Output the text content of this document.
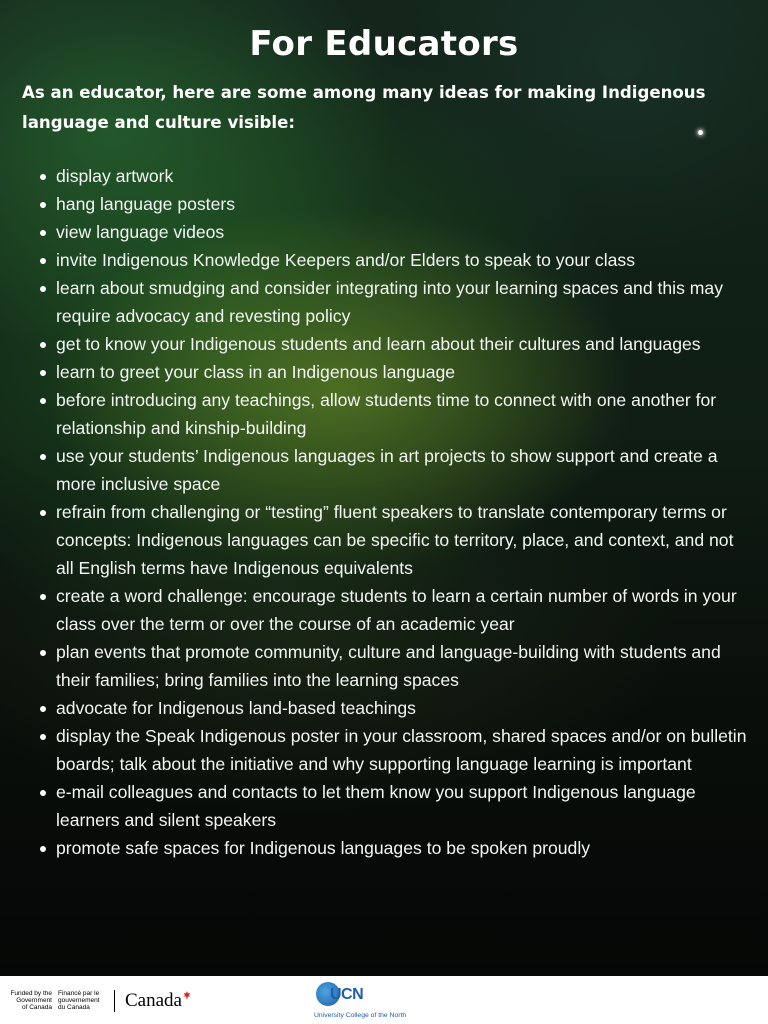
For Educators

As an educator, here are some among many ideas for making Indigenous language and culture visible:

display artwork
hang language posters
view language videos
invite Indigenous Knowledge Keepers and/or Elders to speak to your class
learn about smudging and consider integrating into your learning spaces and this may require advocacy and revesting policy
get to know your Indigenous students and learn about their cultures and languages
learn to greet your class in an Indigenous language
before introducing any teachings, allow students time to connect with one another for relationship and kinship-building
use your students’ Indigenous languages in art projects to show support and create a more inclusive space
refrain from challenging or “testing” fluent speakers to translate contemporary terms or concepts: Indigenous languages can be specific to territory, place, and context, and not all English terms have Indigenous equivalents
create a word challenge: encourage students to learn a certain number of words in your class over the term or over the course of an academic year
plan events that promote community, culture and language-building with students and their families; bring families into the learning spaces
advocate for Indigenous land-based teachings
display the Speak Indigenous poster in your classroom, shared spaces and/or on bulletin boards; talk about the initiative and why supporting language learning is important
e-mail colleagues and contacts to let them know you support Indigenous language learners and silent speakers
promote safe spaces for Indigenous languages to be spoken proudly
Funded by the
Government
of Canada
Financé par le
gouvernement
du Canada	Canada	UCN
University College of the North
